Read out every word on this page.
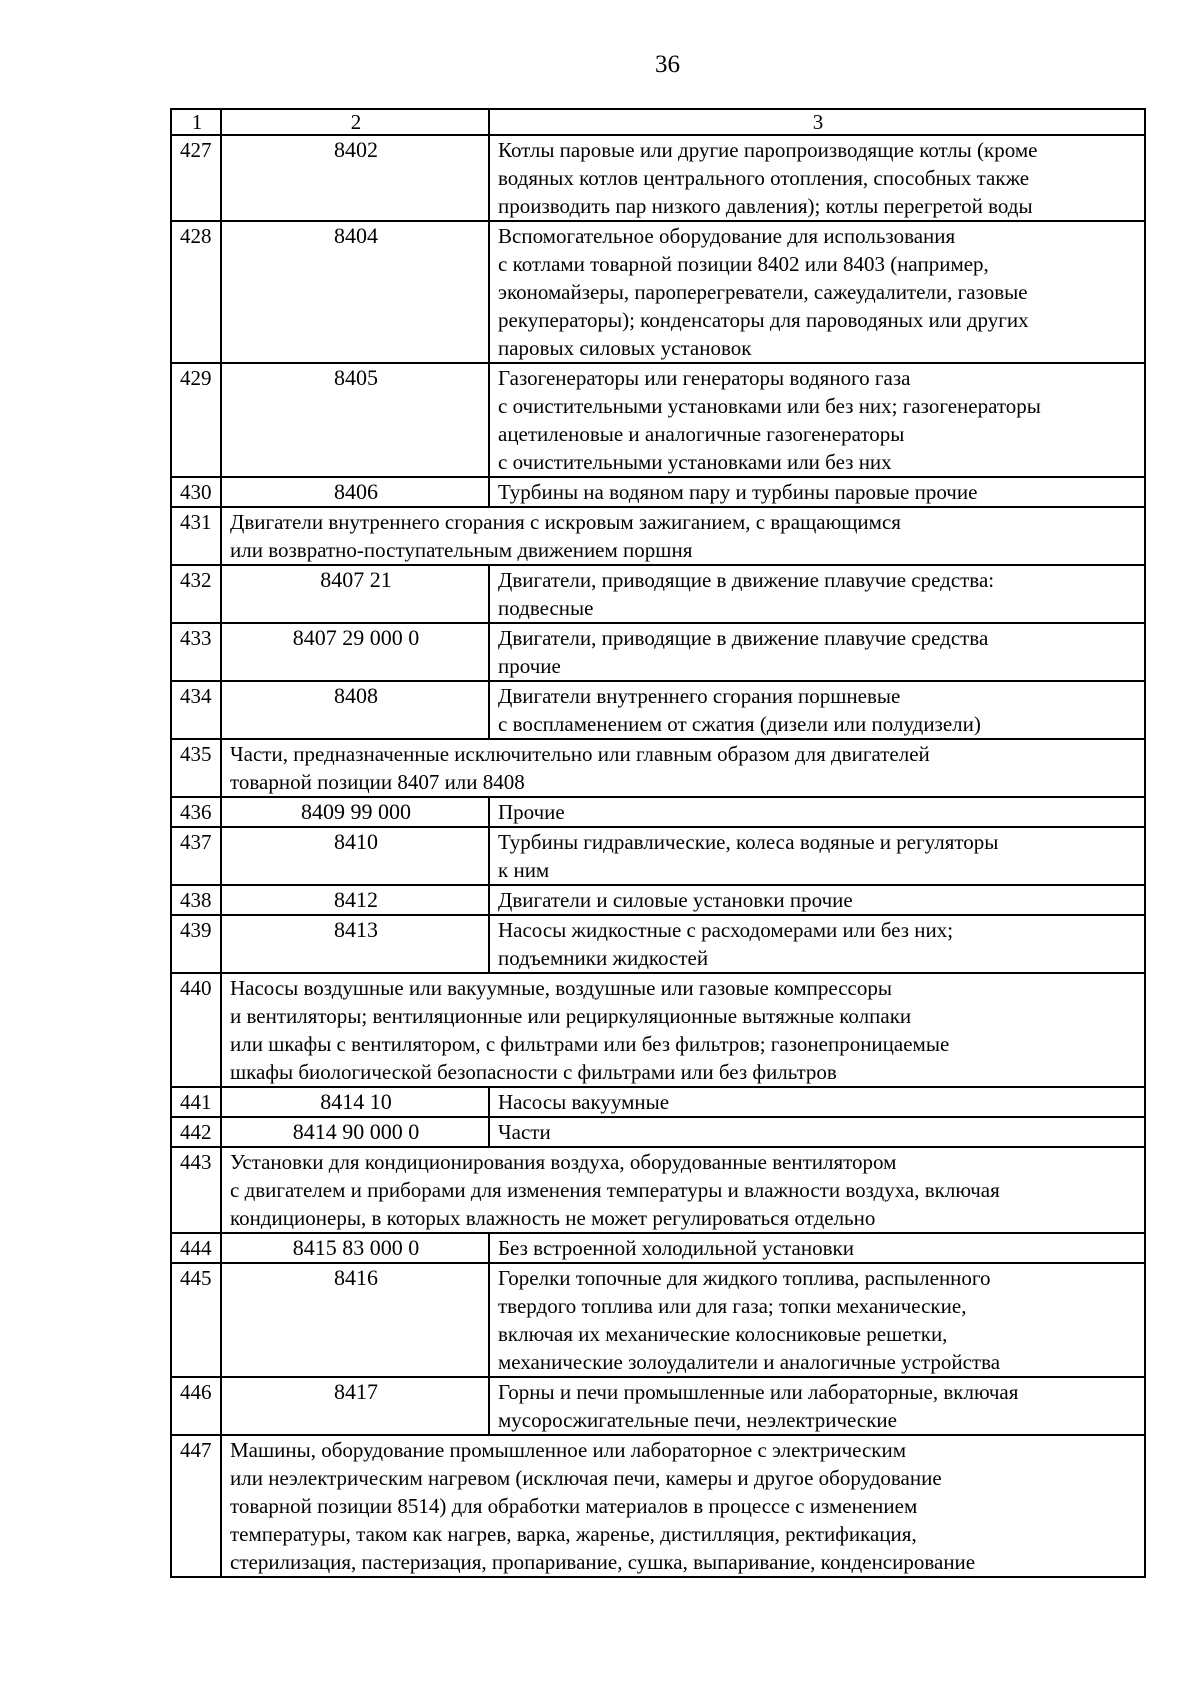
36
1	2	3
427	8402	Котлы паровые или другие паропроизводящие котлы (кроме
водяных котлов центрального отопления, способных также
производить пар низкого давления); котлы перегретой воды
428	8404	Вспомогательное оборудование для использования
с котлами товарной позиции 8402 или 8403 (например,
экономайзеры, пароперегреватели, сажеудалители, газовые
рекуператоры); конденсаторы для пароводяных или других
паровых силовых установок
429	8405	Газогенераторы или генераторы водяного газа
с очистительными установками или без них; газогенераторы
ацетиленовые и аналогичные газогенераторы
с очистительными установками или без них
430	8406	Турбины на водяном пару и турбины паровые прочие
431	Двигатели внутреннего сгорания с искровым зажиганием, с вращающимся
или возвратно-поступательным движением поршня	
432	8407 21	Двигатели, приводящие в движение плавучие средства:
подвесные
433	8407 29 000 0	Двигатели, приводящие в движение плавучие средства
прочие
434	8408	Двигатели внутреннего сгорания поршневые
с воспламенением от сжатия (дизели или полудизели)
435	Части, предназначенные исключительно или главным образом для двигателей
товарной позиции 8407 или 8408	
436	8409 99 000	Прочие
437	8410	Турбины гидравлические, колеса водяные и регуляторы
к ним
438	8412	Двигатели и силовые установки прочие
439	8413	Насосы жидкостные с расходомерами или без них;
подъемники жидкостей
440	Насосы воздушные или вакуумные, воздушные или газовые компрессоры
и вентиляторы; вентиляционные или рециркуляционные вытяжные колпаки
или шкафы с вентилятором, с фильтрами или без фильтров; газонепроницаемые
шкафы биологической безопасности с фильтрами или без фильтров	
441	8414 10	Насосы вакуумные
442	8414 90 000 0	Части
443	Установки для кондиционирования воздуха, оборудованные вентилятором
с двигателем и приборами для изменения температуры и влажности воздуха, включая
кондиционеры, в которых влажность не может регулироваться отдельно	
444	8415 83 000 0	Без встроенной холодильной установки
445	8416	Горелки топочные для жидкого топлива, распыленного
твердого топлива или для газа; топки механические,
включая их механические колосниковые решетки,
механические золоудалители и аналогичные устройства
446	8417	Горны и печи промышленные или лабораторные, включая
мусоросжигательные печи, неэлектрические
447	Машины, оборудование промышленное или лабораторное с электрическим
или неэлектрическим нагревом (исключая печи, камеры и другое оборудование
товарной позиции 8514) для обработки материалов в процессе с изменением
температуры, таком как нагрев, варка, жаренье, дистилляция, ректификация,
стерилизация, пастеризация, пропаривание, сушка, выпаривание, конденсирование	
